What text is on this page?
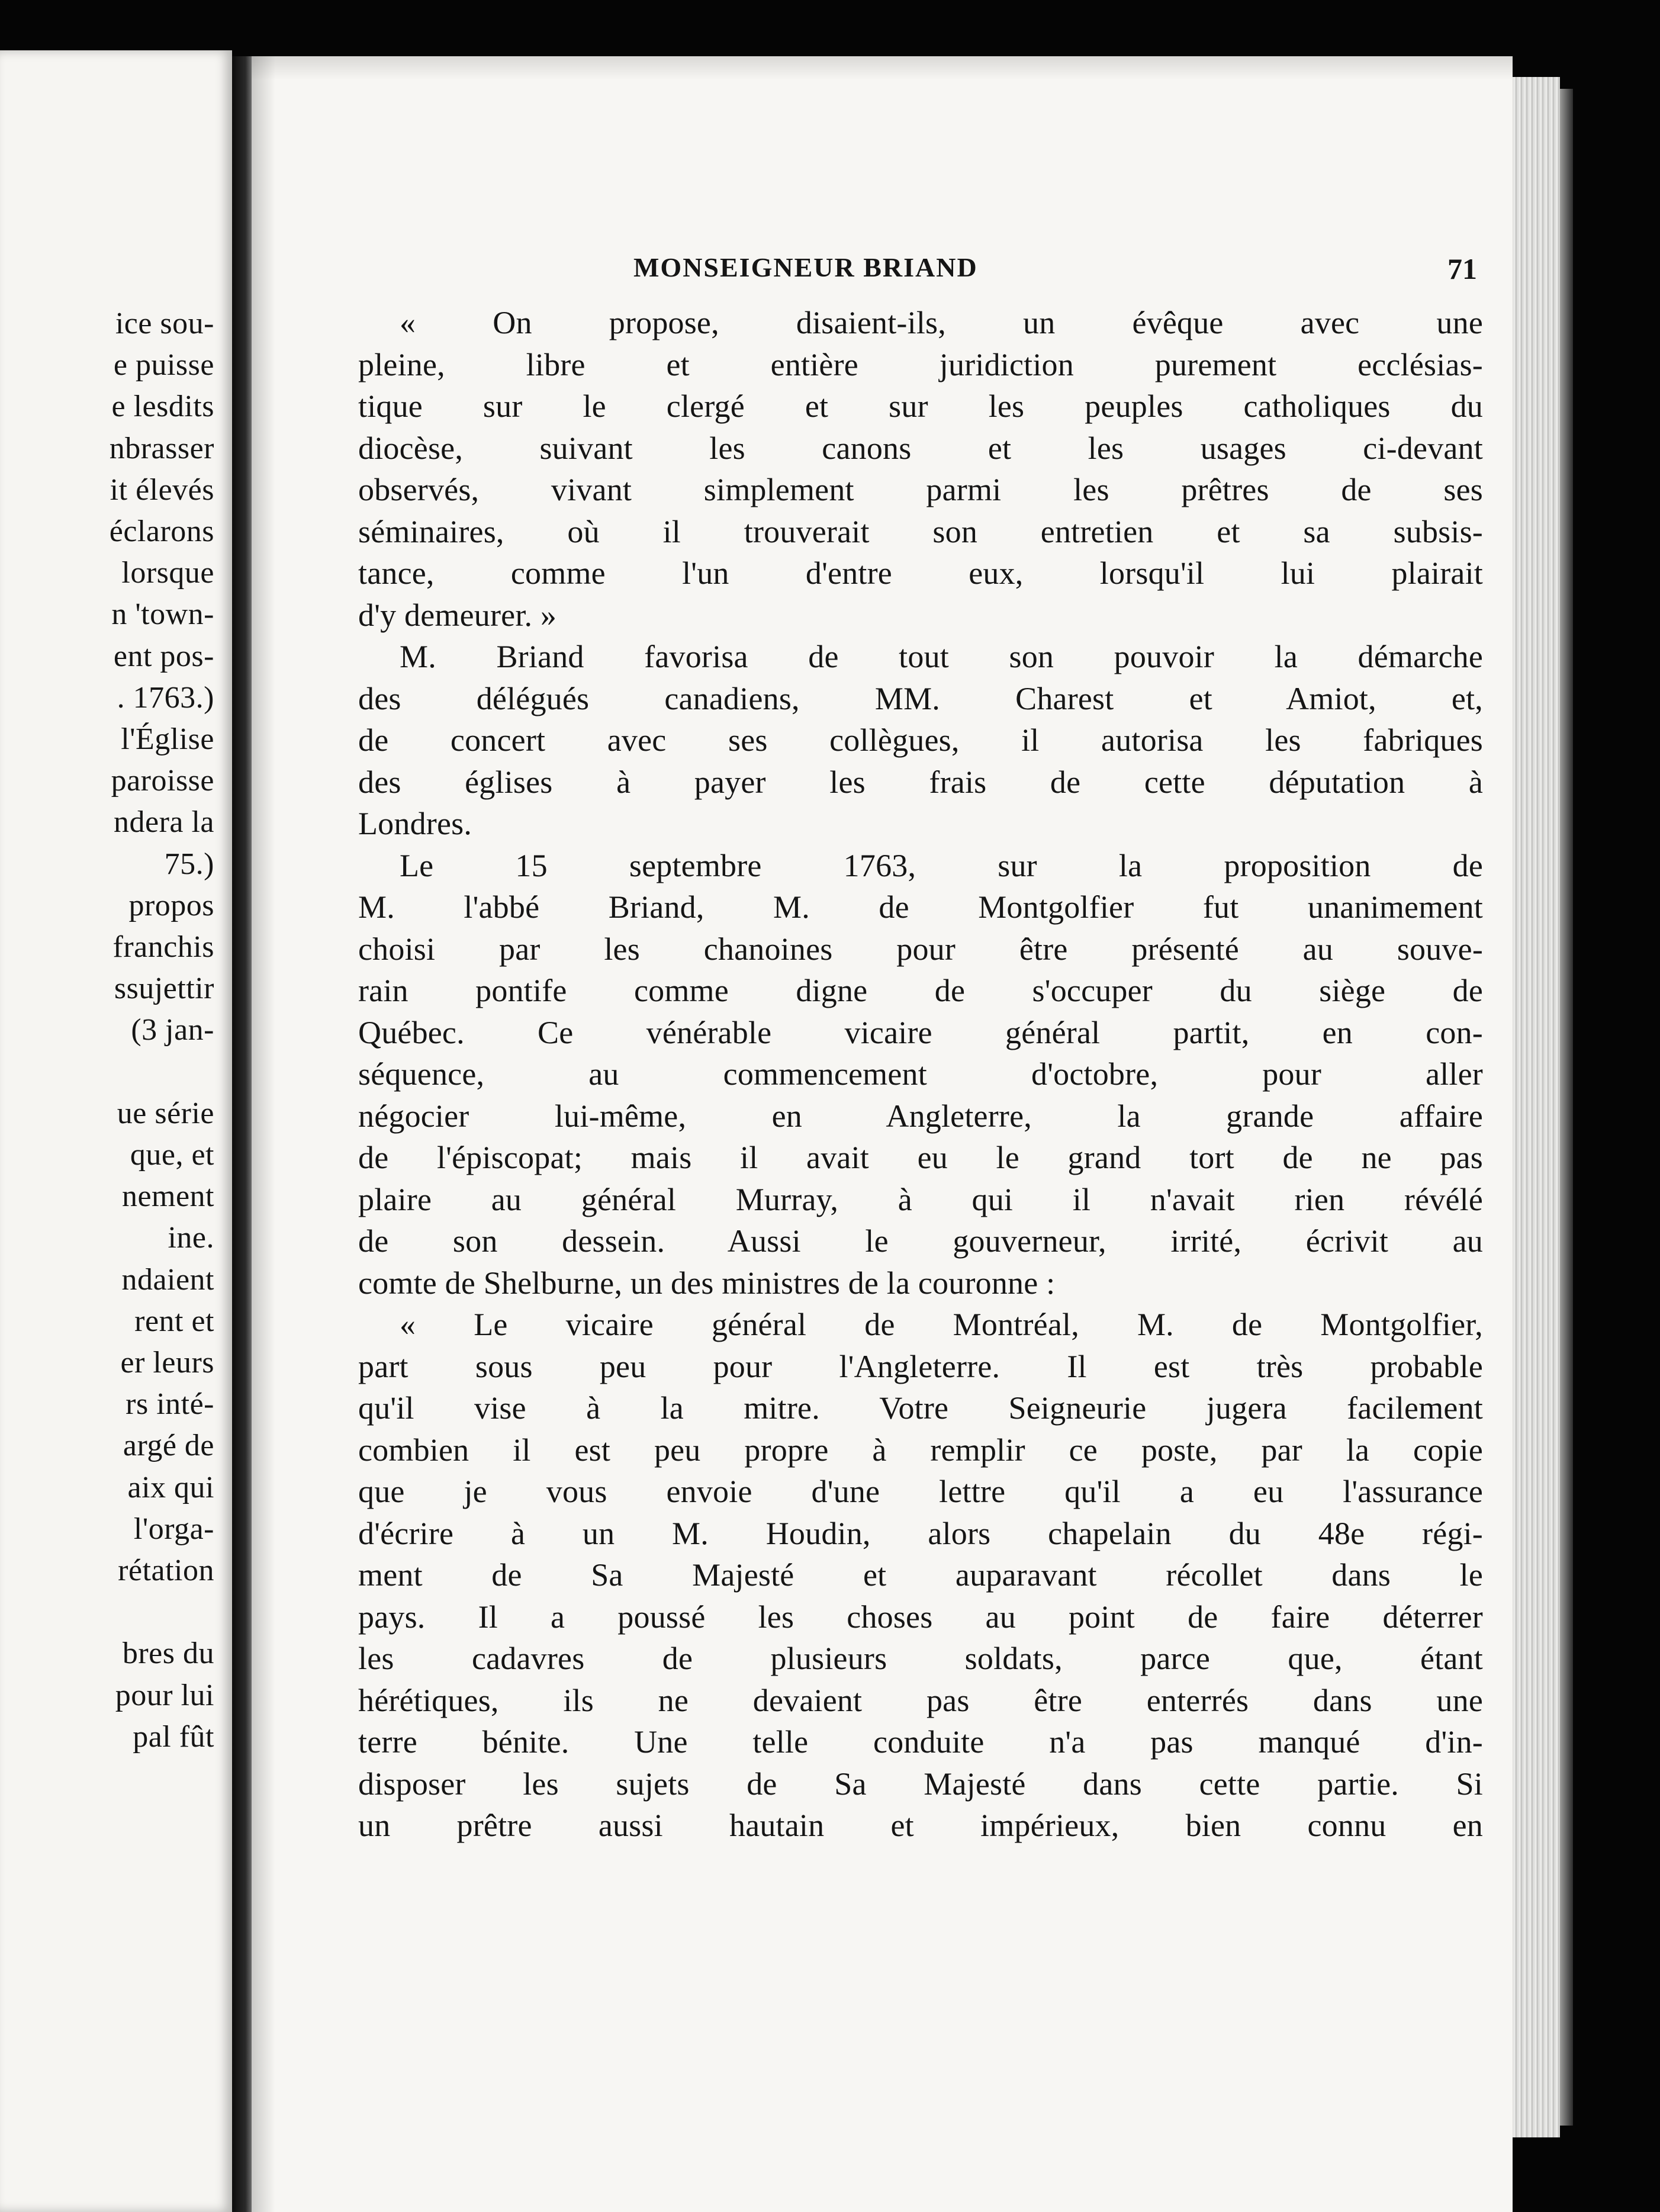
ice sou-
e puisse
e lesdits
nbrasser
it élevés
éclarons
lorsque
n 'town-
ent pos-
. 1763.)
l'Église
paroisse
ndera la
75.)
propos
franchis
ssujettir
(3 jan-
ue série
que, et
nement
ine.
ndaient
rent et
er leurs
rs inté-
argé de
aix qui
l'orga-
rétation
bres du
pour lui
pal fût
MONSEIGNEUR BRIAND	71
« On propose, disaient-ils, un évêque avec une
pleine, libre et entière juridiction purement ecclésias-
tique sur le clergé et sur les peuples catholiques du
diocèse, suivant les canons et les usages ci-devant
observés, vivant simplement parmi les prêtres de ses
séminaires, où il trouverait son entretien et sa subsis-
tance, comme l'un d'entre eux, lorsqu'il lui plairait
d'y demeurer. »
M. Briand favorisa de tout son pouvoir la démarche
des délégués canadiens, MM. Charest et Amiot, et,
de concert avec ses collègues, il autorisa les fabriques
des églises à payer les frais de cette députation à
Londres.
Le 15 septembre 1763, sur la proposition de
M. l'abbé Briand, M. de Montgolfier fut unanimement
choisi par les chanoines pour être présenté au souve-
rain pontife comme digne de s'occuper du siège de
Québec. Ce vénérable vicaire général partit, en con-
séquence, au commencement d'octobre, pour aller
négocier lui-même, en Angleterre, la grande affaire
de l'épiscopat; mais il avait eu le grand tort de ne pas
plaire au général Murray, à qui il n'avait rien révélé
de son dessein. Aussi le gouverneur, irrité, écrivit au
comte de Shelburne, un des ministres de la couronne :
« Le vicaire général de Montréal, M. de Montgolfier,
part sous peu pour l'Angleterre. Il est très probable
qu'il vise à la mitre. Votre Seigneurie jugera facilement
combien il est peu propre à remplir ce poste, par la copie
que je vous envoie d'une lettre qu'il a eu l'assurance
d'écrire à un M. Houdin, alors chapelain du 48e régi-
ment de Sa Majesté et auparavant récollet dans le
pays. Il a poussé les choses au point de faire déterrer
les cadavres de plusieurs soldats, parce que, étant
hérétiques, ils ne devaient pas être enterrés dans une
terre bénite. Une telle conduite n'a pas manqué d'in-
disposer les sujets de Sa Majesté dans cette partie. Si
un prêtre aussi hautain et impérieux, bien connu en
